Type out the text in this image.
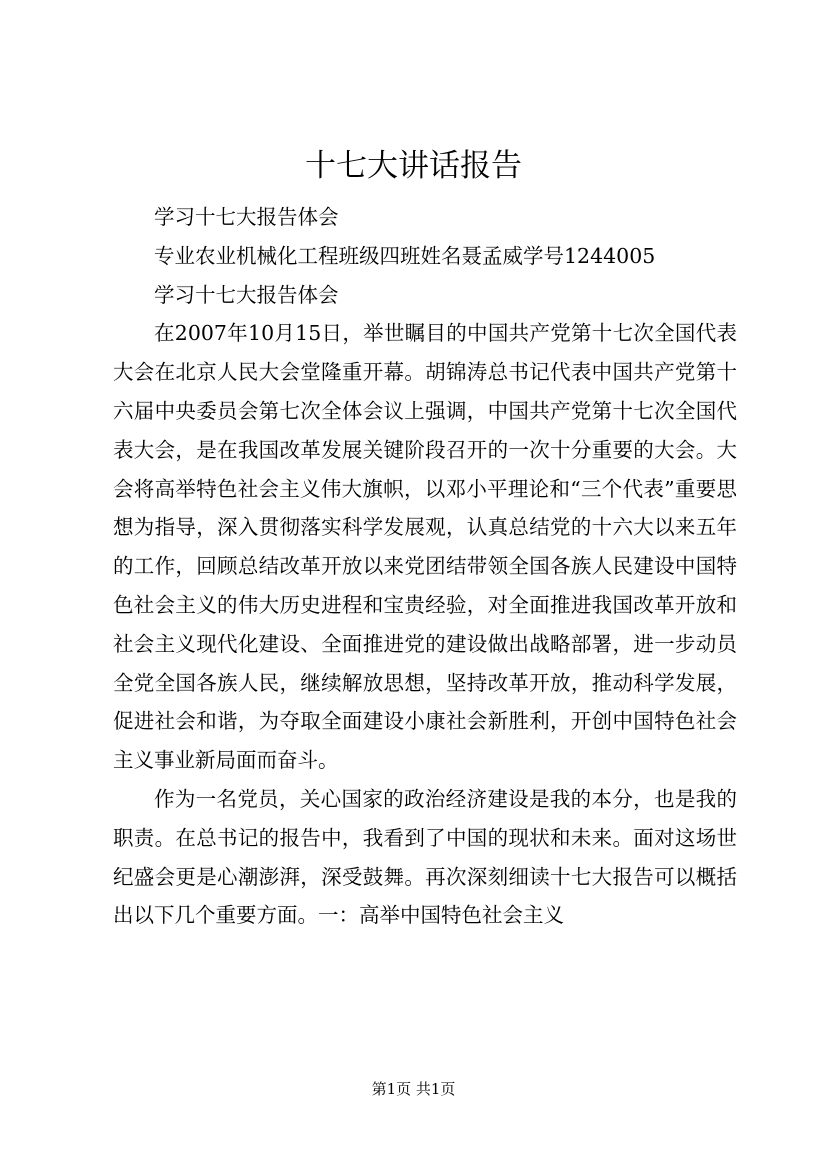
十七大讲话报告

学习十七大报告体会

专业农业机械化工程班级四班姓名聂孟威学号1244005

学习十七大报告体会

在2007年10月15日，举世瞩目的中国共产党第十七次全国代表大会在北京人民大会堂隆重开幕。胡锦涛总书记代表中国共产党第十六届中央委员会第七次全体会议上强调，中国共产党第十七次全国代表大会，是在我国改革发展关键阶段召开的一次十分重要的大会。大会将高举特色社会主义伟大旗帜，以邓小平理论和“三个代表”重要思想为指导，深入贯彻落实科学发展观，认真总结党的十六大以来五年的工作，回顾总结改革开放以来党团结带领全国各族人民建设中国特色社会主义的伟大历史进程和宝贵经验，对全面推进我国改革开放和社会主义现代化建设、全面推进党的建设做出战略部署，进一步动员全党全国各族人民，继续解放思想，坚持改革开放，推动科学发展，促进社会和谐，为夺取全面建设小康社会新胜利，开创中国特色社会主义事业新局面而奋斗。

作为一名党员，关心国家的政治经济建设是我的本分，也是我的职责。在总书记的报告中，我看到了中国的现状和未来。面对这场世纪盛会更是心潮澎湃，深受鼓舞。再次深刻细读十七大报告可以概括出以下几个重要方面。一：高举中国特色社会主义

第1页 共1页
